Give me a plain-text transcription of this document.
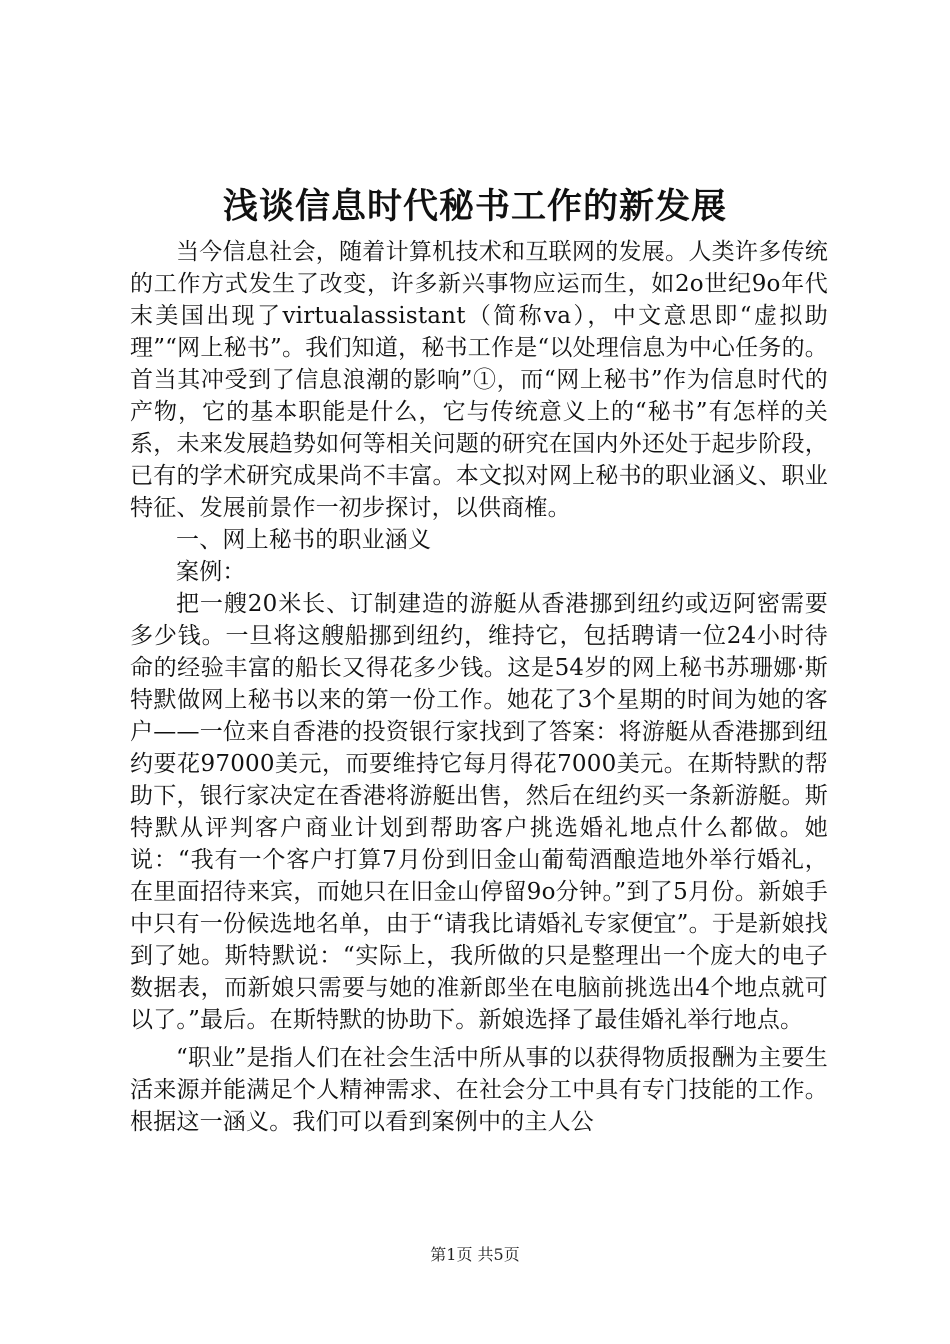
浅谈信息时代秘书工作的新发展

当今信息社会，随着计算机技术和互联网的发展。人类许多传统的工作方式发生了改变，许多新兴事物应运而生，如2o世纪9o年代末美国出现了virtualassistant（简称va），中文意思即“虚拟助理”“网上秘书”。我们知道，秘书工作是“以处理信息为中心任务的。首当其冲受到了信息浪潮的影响”①，而“网上秘书”作为信息时代的产物，它的基本职能是什么，它与传统意义上的“秘书”有怎样的关系，未来发展趋势如何等相关问题的研究在国内外还处于起步阶段，已有的学术研究成果尚不丰富。本文拟对网上秘书的职业涵义、职业特征、发展前景作一初步探讨，以供商榷。

一、网上秘书的职业涵义

案例：

把一艘20米长、订制建造的游艇从香港挪到纽约或迈阿密需要多少钱。一旦将这艘船挪到纽约，维持它，包括聘请一位24小时待命的经验丰富的船长又得花多少钱。这是54岁的网上秘书苏珊娜·斯特默做网上秘书以来的第一份工作。她花了3个星期的时间为她的客户——一位来自香港的投资银行家找到了答案：将游艇从香港挪到纽约要花97000美元，而要维持它每月得花7000美元。在斯特默的帮助下，银行家决定在香港将游艇出售，然后在纽约买一条新游艇。斯特默从评判客户商业计划到帮助客户挑选婚礼地点什么都做。她说：“我有一个客户打算7月份到旧金山葡萄酒酿造地外举行婚礼，在里面招待来宾，而她只在旧金山停留9o分钟。”到了5月份。新娘手中只有一份候选地名单，由于“请我比请婚礼专家便宜”。于是新娘找到了她。斯特默说：“实际上，我所做的只是整理出一个庞大的电子数据表，而新娘只需要与她的准新郎坐在电脑前挑选出4个地点就可以了。”最后。在斯特默的协助下。新娘选择了最佳婚礼举行地点。

“职业”是指人们在社会生活中所从事的以获得物质报酬为主要生活来源并能满足个人精神需求、在社会分工中具有专门技能的工作。根据这一涵义。我们可以看到案例中的主人公

第1页 共5页
